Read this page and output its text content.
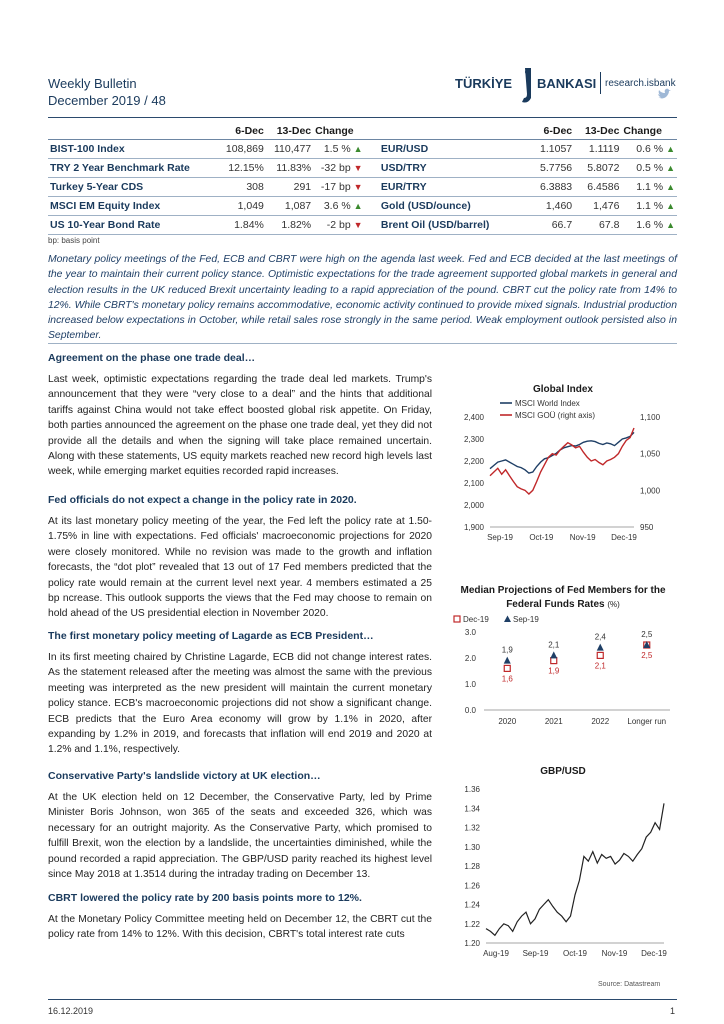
Weekly Bulletin
December 2019 / 48
TÜRKİYE BANKASI research.isbank
	6-Dec	13-Dec	Change			6-Dec	13-Dec	Change
BIST-100 Index	108,869	110,477	1.5 % ▲		EUR/USD	1.1057	1.1119	0.6 % ▲
TRY 2 Year Benchmark Rate	12.15%	11.83%	-32 bp ▼		USD/TRY	5.7756	5.8072	0.5 % ▲
Turkey 5-Year CDS	308	291	-17 bp ▼		EUR/TRY	6.3883	6.4586	1.1 % ▲
MSCI EM Equity Index	1,049	1,087	3.6 % ▲		Gold (USD/ounce)	1,460	1,476	1.1 % ▲
US 10-Year Bond Rate	1.84%	1.82%	-2 bp ▼		Brent Oil (USD/barrel)	66.7	67.8	1.6 % ▲
bp: basis point
Monetary policy meetings of the Fed, ECB and CBRT were high on the agenda last week. Fed and ECB decided at the last meetings of the year to maintain their current policy stance. Optimistic expectations for the trade agreement supported global markets in general and election results in the UK reduced Brexit uncertainty leading to a rapid appreciation of the pound. CBRT cut the policy rate from 14% to 12%. While CBRT's monetary policy remains accommodative, economic activity continued to provide mixed signals. Industrial production increased below expectations in October, while retail sales rose strongly in the same period. Weak employment outlook persisted also in September.
Agreement on the phase one trade deal…
Last week, optimistic expectations regarding the trade deal led markets. Trump's announcement that they were “very close to a deal” and the hints that additional tariffs against China would not take effect boosted global risk appetite. On Friday, both parties announced the agreement on the phase one trade deal, yet they did not provide all the details and when the signing will take place remained uncertain. Along with these statements, US equity markets reached new record high levels last week, while emerging market equities recorded rapid increases.
Fed officials do not expect a change in the policy rate in 2020.
At its last monetary policy meeting of the year, the Fed left the policy rate at 1.50-1.75% in line with expectations. Fed officials' macroeconomic projections for 2020 were closely monitored. While no revision was made to the growth and inflation forecasts, the “dot plot” revealed that 13 out of 17 Fed members predicted that the policy rate would remain at the current level next year. 4 members estimated a 25 bp ncrease. This outlook supports the views that the Fed may choose to remain on hold ahead of the US presidential election in November 2020.
The first monetary policy meeting of Lagarde as ECB President…
In its first meeting chaired by Christine Lagarde, ECB did not change interest rates. As the statement released after the meeting was almost the same with the previous meeting was interpreted as the new president will maintain the current monetary policy stance. ECB's macroeconomic projections did not show a significant change. ECB predicts that the Euro Area economy will grow by 1.1% in 2020, after expanding by 1.2% in 2019, and forecasts that inflation will end 2019 and 2020 at 1.2% and 1.1%, respectively.
Conservative Party's landslide victory at UK election…
At the UK election held on 12 December, the Conservative Party, led by Prime Minister Boris Johnson, won 365 of the seats and exceeded 326, which was necessary for an outright majority. As the Conservative Party, which promised to fulfill Brexit, won the election by a landslide, the uncertainties diminished, while the pound recorded a rapid appreciation. The GBP/USD parity reached its highest level since May 2018 at 1.3514 during the intraday trading on December 13.
CBRT lowered the policy rate by 200 basis points more to 12%.
At the Monetary Policy Committee meeting held on December 12, the CBRT cut the policy rate from 14% to 12%. With this decision, CBRT's total interest rate cuts
Global Index
1,900
2,000
2,100
2,200
2,300
2,400
950
1,000
1,050
1,100
Sep-19 Oct-19 Nov-19 Dec-19
MSCI World Index
MSCI GOÜ (right axis)
Median Projections of Fed Members for the Federal Funds Rates (%)
0.0
1.0
2.0
3.0
2020	2021	2022 Longer run
Dec-19	Sep-19
1,6
1,9
2,1
2,5
1,9
2,1
2,4	2,5
GBP/USD
1.20
1.22
1.24
1.26
1.28
1.30
1.32
1.34
1.36
Aug-19 Sep-19 Oct-19 Nov-19 Dec-19
Source: Datastream
16.12.2019	1
